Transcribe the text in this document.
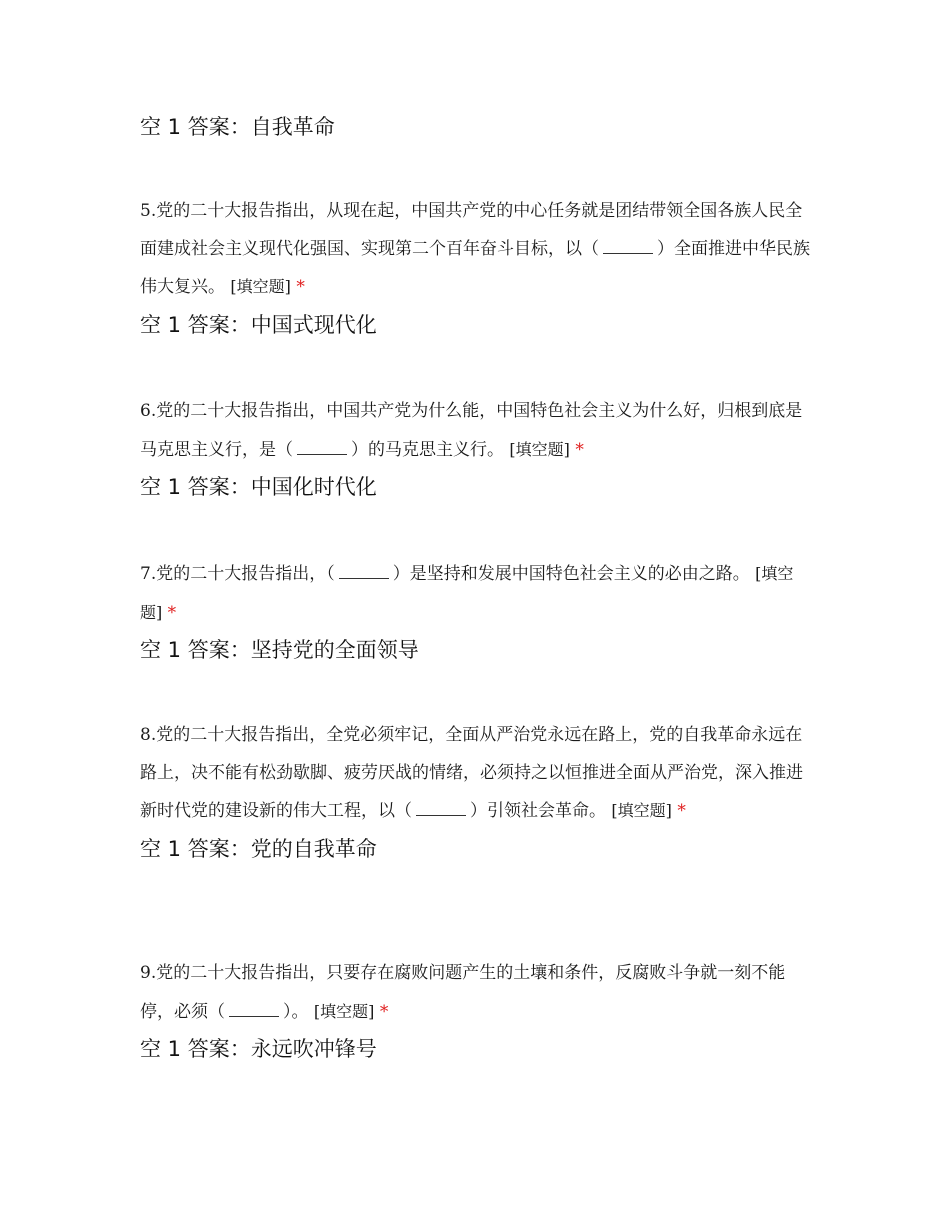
空 1 答案：自我革命

5.党的二十大报告指出，从现在起，中国共产党的中心任务就是团结带领全国各族人民全面建成社会主义现代化强国、实现第二个百年奋斗目标，以（	）全面推进中华民族伟大复兴。 [填空题] *

空 1 答案：中国式现代化

6.党的二十大报告指出，中国共产党为什么能，中国特色社会主义为什么好，归根到底是马克思主义行，是（	）的马克思主义行。 [填空题] *

空 1 答案：中国化时代化

7.党的二十大报告指出，（	）是坚持和发展中国特色社会主义的必由之路。 [填空题] *

空 1 答案：坚持党的全面领导

8.党的二十大报告指出，全党必须牢记，全面从严治党永远在路上，党的自我革命永远在路上，决不能有松劲歇脚、疲劳厌战的情绪，必须持之以恒推进全面从严治党，深入推进新时代党的建设新的伟大工程，以（	）引领社会革命。 [填空题] *

空 1 答案：党的自我革命

9.党的二十大报告指出，只要存在腐败问题产生的土壤和条件，反腐败斗争就一刻不能停，必须（	）。 [填空题] *

空 1 答案：永远吹冲锋号
